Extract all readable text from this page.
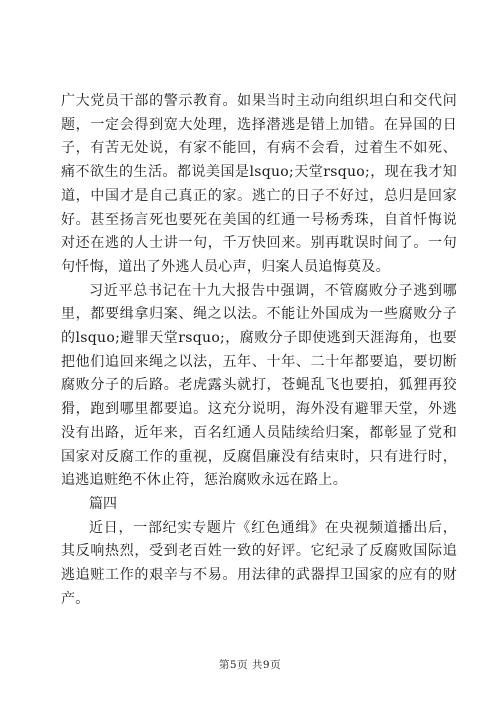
广大党员干部的警示教育。如果当时主动向组织坦白和交代问题，一定会得到宽大处理，选择潜逃是错上加错。在异国的日子，有苦无处说，有家不能回，有病不会看，过着生不如死、痛不欲生的生活。都说美国是lsquo;天堂rsquo;，现在我才知道，中国才是自己真正的家。逃亡的日子不好过，总归是回家好。甚至扬言死也要死在美国的红通一号杨秀珠，自首忏悔说对还在逃的人士讲一句，千万快回来。别再耽误时间了。一句句忏悔，道出了外逃人员心声，归案人员追悔莫及。

习近平总书记在十九大报告中强调，不管腐败分子逃到哪里，都要缉拿归案、绳之以法。不能让外国成为一些腐败分子的lsquo;避罪天堂rsquo;，腐败分子即使逃到天涯海角，也要把他们追回来绳之以法，五年、十年、二十年都要追，要切断腐败分子的后路。老虎露头就打，苍蝇乱飞也要拍，狐狸再狡猾，跑到哪里都要追。这充分说明，海外没有避罪天堂，外逃没有出路，近年来，百名红通人员陆续给归案，都彰显了党和国家对反腐工作的重视，反腐倡廉没有结束时，只有进行时，追逃追赃绝不休止符，惩治腐败永远在路上。

篇四

近日，一部纪实专题片《红色通缉》在央视频道播出后，其反响热烈，受到老百姓一致的好评。它纪录了反腐败国际追逃追赃工作的艰辛与不易。用法律的武器捍卫国家的应有的财产。

第5页 共9页
